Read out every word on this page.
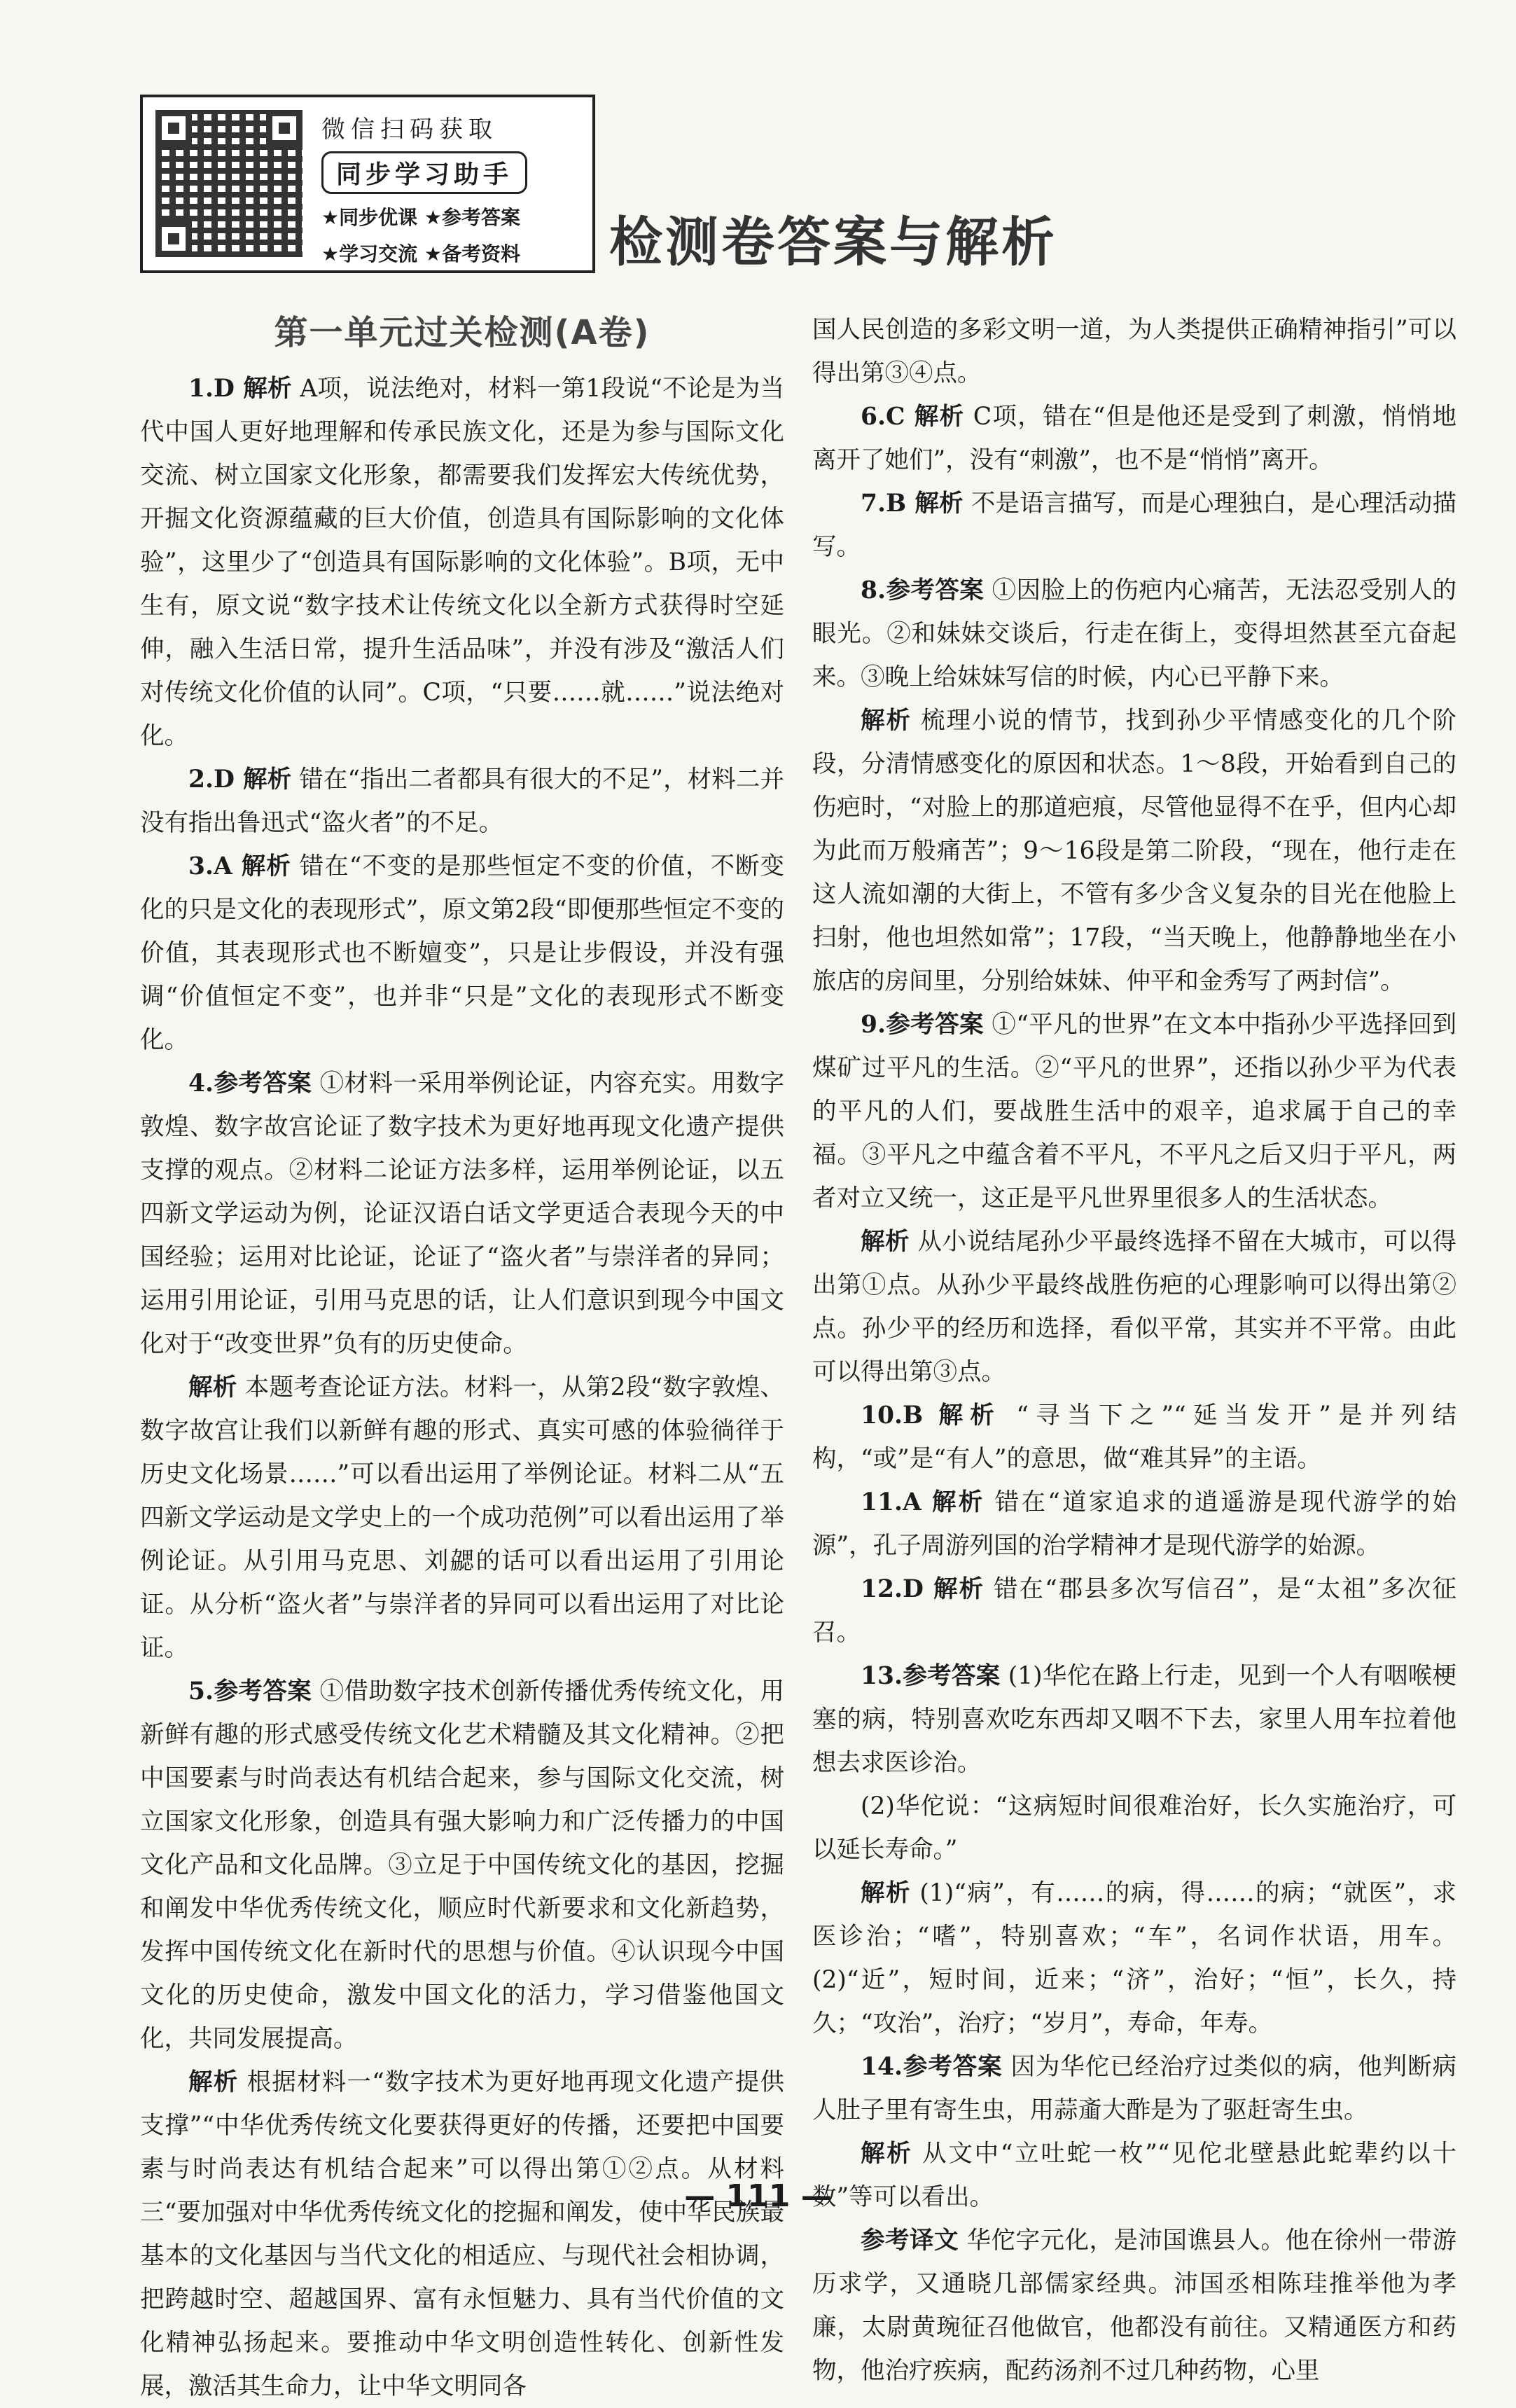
微信扫码获取
同步学习助手
★同步优课 ★参考答案
★学习交流 ★备考资料	检测卷答案与解析
第一单元过关检测(A卷)

1.D 解析 A项，说法绝对，材料一第1段说“不论是为当代中国人更好地理解和传承民族文化，还是为参与国际文化交流、树立国家文化形象，都需要我们发挥宏大传统优势，开掘文化资源蕴藏的巨大价值，创造具有国际影响的文化体验”，这里少了“创造具有国际影响的文化体验”。B项，无中生有，原文说“数字技术让传统文化以全新方式获得时空延伸，融入生活日常，提升生活品味”，并没有涉及“激活人们对传统文化价值的认同”。C项，“只要……就……”说法绝对化。

2.D 解析 错在“指出二者都具有很大的不足”，材料二并没有指出鲁迅式“盗火者”的不足。

3.A 解析 错在“不变的是那些恒定不变的价值，不断变化的只是文化的表现形式”，原文第2段“即便那些恒定不变的价值，其表现形式也不断嬗变”，只是让步假设，并没有强调“价值恒定不变”，也并非“只是”文化的表现形式不断变化。

4.参考答案 ①材料一采用举例论证，内容充实。用数字敦煌、数字故宫论证了数字技术为更好地再现文化遗产提供支撑的观点。②材料二论证方法多样，运用举例论证，以五四新文学运动为例，论证汉语白话文学更适合表现今天的中国经验；运用对比论证，论证了“盗火者”与崇洋者的异同；运用引用论证，引用马克思的话，让人们意识到现今中国文化对于“改变世界”负有的历史使命。

解析 本题考查论证方法。材料一，从第2段“数字敦煌、数字故宫让我们以新鲜有趣的形式、真实可感的体验徜徉于历史文化场景……”可以看出运用了举例论证。材料二从“五四新文学运动是文学史上的一个成功范例”可以看出运用了举例论证。从引用马克思、刘勰的话可以看出运用了引用论证。从分析“盗火者”与崇洋者的异同可以看出运用了对比论证。

5.参考答案 ①借助数字技术创新传播优秀传统文化，用新鲜有趣的形式感受传统文化艺术精髓及其文化精神。②把中国要素与时尚表达有机结合起来，参与国际文化交流，树立国家文化形象，创造具有强大影响力和广泛传播力的中国文化产品和文化品牌。③立足于中国传统文化的基因，挖掘和阐发中华优秀传统文化，顺应时代新要求和文化新趋势，发挥中国传统文化在新时代的思想与价值。④认识现今中国文化的历史使命，激发中国文化的活力，学习借鉴他国文化，共同发展提高。

解析 根据材料一“数字技术为更好地再现文化遗产提供支撑”“中华优秀传统文化要获得更好的传播，还要把中国要素与时尚表达有机结合起来”可以得出第①②点。从材料三“要加强对中华优秀传统文化的挖掘和阐发，使中华民族最基本的文化基因与当代文化的相适应、与现代社会相协调，把跨越时空、超越国界、富有永恒魅力、具有当代价值的文化精神弘扬起来。要推动中华文明创造性转化、创新性发展，激活其生命力，让中华文明同各

国人民创造的多彩文明一道，为人类提供正确精神指引”可以得出第③④点。

6.C 解析 C项，错在“但是他还是受到了刺激，悄悄地离开了她们”，没有“刺激”，也不是“悄悄”离开。

7.B 解析 不是语言描写，而是心理独白，是心理活动描写。

8.参考答案 ①因脸上的伤疤内心痛苦，无法忍受别人的眼光。②和妹妹交谈后，行走在街上，变得坦然甚至亢奋起来。③晚上给妹妹写信的时候，内心已平静下来。

解析 梳理小说的情节，找到孙少平情感变化的几个阶段，分清情感变化的原因和状态。1～8段，开始看到自己的伤疤时，“对脸上的那道疤痕，尽管他显得不在乎，但内心却为此而万般痛苦”；9～16段是第二阶段，“现在，他行走在这人流如潮的大街上，不管有多少含义复杂的目光在他脸上扫射，他也坦然如常”；17段，“当天晚上，他静静地坐在小旅店的房间里，分别给妹妹、仲平和金秀写了两封信”。

9.参考答案 ①“平凡的世界”在文本中指孙少平选择回到煤矿过平凡的生活。②“平凡的世界”，还指以孙少平为代表的平凡的人们，要战胜生活中的艰辛，追求属于自己的幸福。③平凡之中蕴含着不平凡，不平凡之后又归于平凡，两者对立又统一，这正是平凡世界里很多人的生活状态。

解析 从小说结尾孙少平最终选择不留在大城市，可以得出第①点。从孙少平最终战胜伤疤的心理影响可以得出第②点。孙少平的经历和选择，看似平常，其实并不平常。由此可以得出第③点。

10.B 解析 “寻当下之”“延当发开”是并列结构，“或”是“有人”的意思，做“难其异”的主语。

11.A 解析 错在“道家追求的逍遥游是现代游学的始源”，孔子周游列国的治学精神才是现代游学的始源。

12.D 解析 错在“郡县多次写信召”，是“太祖”多次征召。

13.参考答案 (1)华佗在路上行走，见到一个人有咽喉梗塞的病，特别喜欢吃东西却又咽不下去，家里人用车拉着他想去求医诊治。

(2)华佗说：“这病短时间很难治好，长久实施治疗，可以延长寿命。”

解析 (1)“病”，有……的病，得……的病；“就医”，求医诊治；“嗜”，特别喜欢；“车”，名词作状语，用车。(2)“近”，短时间，近来；“济”，治好；“恒”，长久，持久；“攻治”，治疗；“岁月”，寿命，年寿。

14.参考答案 因为华佗已经治疗过类似的病，他判断病人肚子里有寄生虫，用蒜齑大酢是为了驱赶寄生虫。

解析 从文中“立吐蛇一枚”“见佗北壁悬此蛇辈约以十数”等可以看出。

参考译文 华佗字元化，是沛国谯县人。他在徐州一带游历求学，又通晓几部儒家经典。沛国丞相陈珪推举他为孝廉，太尉黄琬征召他做官，他都没有前往。又精通医方和药物，他治疗疾病，配药汤剂不过几种药物，心里

— 111 —
